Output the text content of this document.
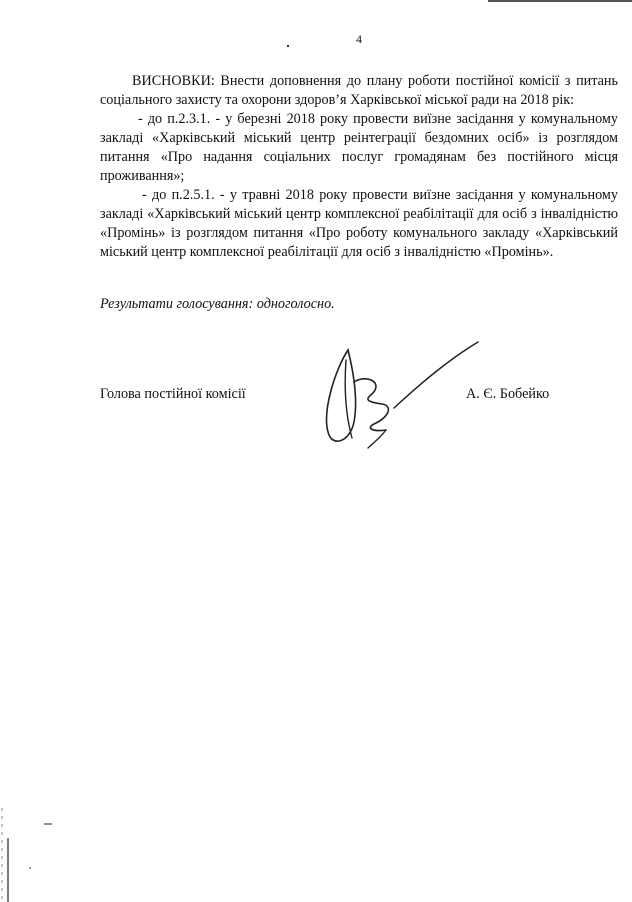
4

ВИСНОВКИ: Внести доповнення до плану роботи постійної комісії з питань соціального захисту та охорони здоров’я Харківської міської ради на 2018 рік:

- до п.2.3.1. - у березні 2018 року провести виїзне засідання у комунальному закладі «Харківський міський центр реінтеграції бездомних осіб» із розглядом питання «Про надання соціальних послуг громадянам без постійного місця проживання»;

- до п.2.5.1. - у травні 2018 року провести виїзне засідання у комунальному закладі «Харківський міський центр комплексної реабілітації для осіб з інвалідністю «Промінь» із розглядом питання «Про роботу комунального закладу «Харківський міський центр комплексної реабілітації для осіб з інвалідністю «Промінь».

Результати голосування: одноголосно.
Голова постійної комісії	А. Є. Бобейко
